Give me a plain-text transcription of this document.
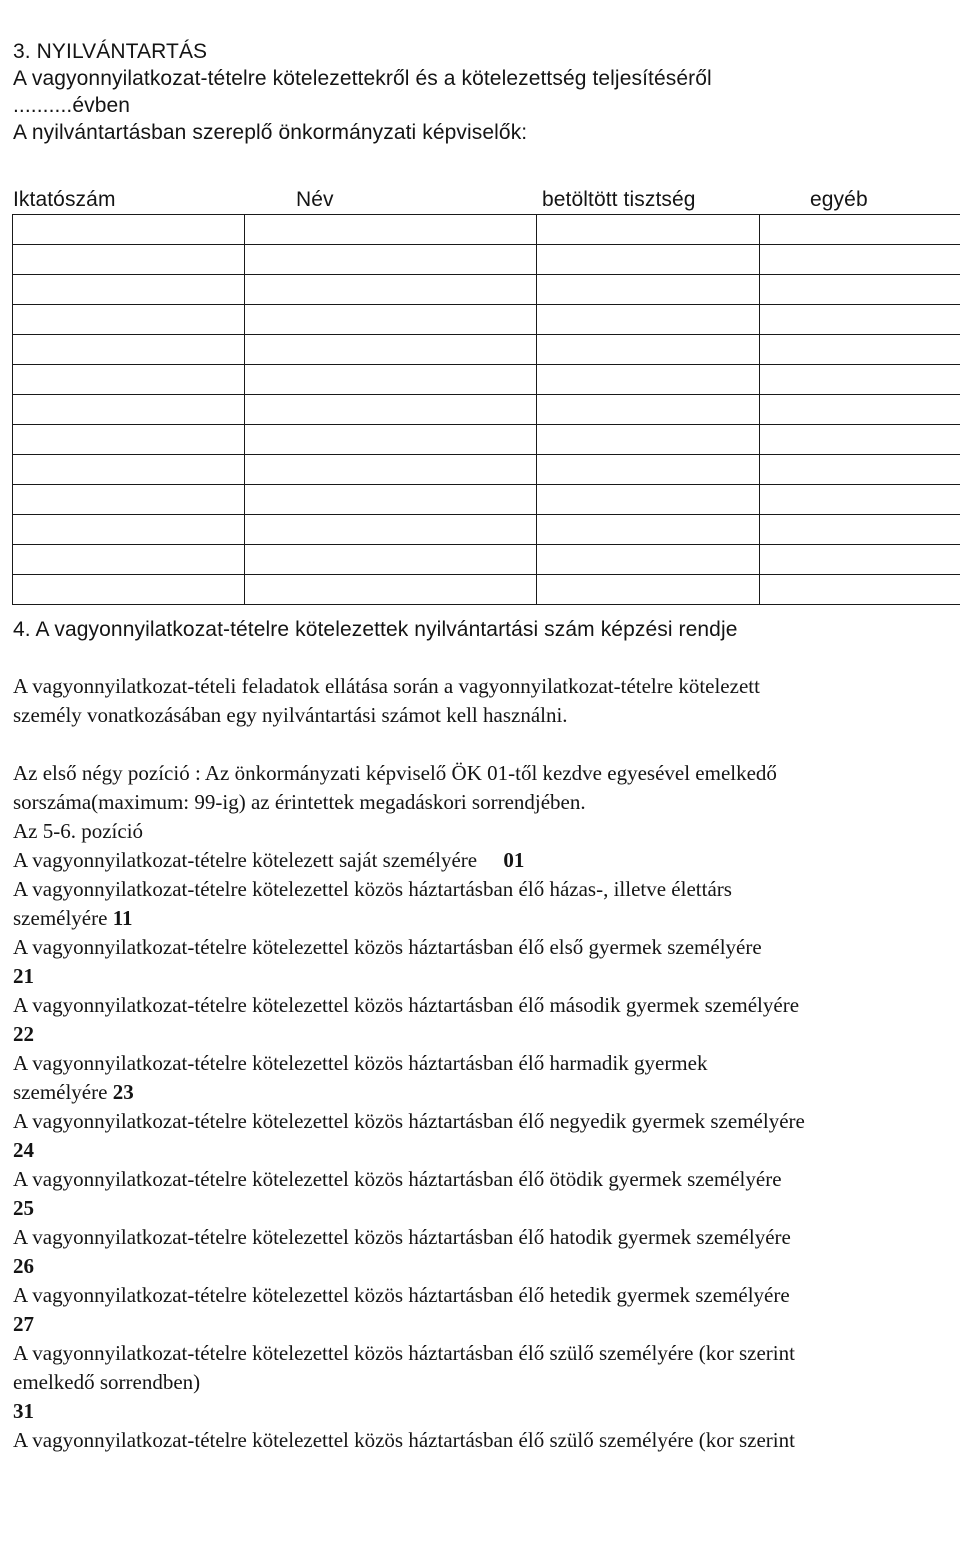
3. NYILVÁNTARTÁS
A vagyonnyilatkozat-tételre kötelezettekről és a kötelezettség teljesítéséről
..........évben
A nyilvántartásban szereplő önkormányzati képviselők:
Iktatószám	Név	betöltött tisztség	egyéb

4. A vagyonnyilatkozat-tételre kötelezettek nyilvántartási szám képzési rendje
A vagyonnyilatkozat-tételi feladatok ellátása során a vagyonnyilatkozat-tételre kötelezett
személy vonatkozásában egy nyilvántartási számot kell használni.
Az első négy pozíció : Az önkormányzati képviselő ÖK 01-től kezdve egyesével emelkedő
sorszáma(maximum: 99-ig) az érintettek megadáskori sorrendjében.
Az 5-6. pozíció
A vagyonnyilatkozat-tételre kötelezett saját személyére 01
A vagyonnyilatkozat-tételre kötelezettel közös háztartásban élő házas-, illetve élettárs
személyére 11
A vagyonnyilatkozat-tételre kötelezettel közös háztartásban élő első gyermek személyére
21
A vagyonnyilatkozat-tételre kötelezettel közös háztartásban élő második gyermek személyére
22
A vagyonnyilatkozat-tételre kötelezettel közös háztartásban élő harmadik gyermek
személyére 23
A vagyonnyilatkozat-tételre kötelezettel közös háztartásban élő negyedik gyermek személyére
24
A vagyonnyilatkozat-tételre kötelezettel közös háztartásban élő ötödik gyermek személyére
25
A vagyonnyilatkozat-tételre kötelezettel közös háztartásban élő hatodik gyermek személyére
26
A vagyonnyilatkozat-tételre kötelezettel közös háztartásban élő hetedik gyermek személyére
27
A vagyonnyilatkozat-tételre kötelezettel közös háztartásban élő szülő személyére (kor szerint
emelkedő sorrendben)
31
A vagyonnyilatkozat-tételre kötelezettel közös háztartásban élő szülő személyére (kor szerint
